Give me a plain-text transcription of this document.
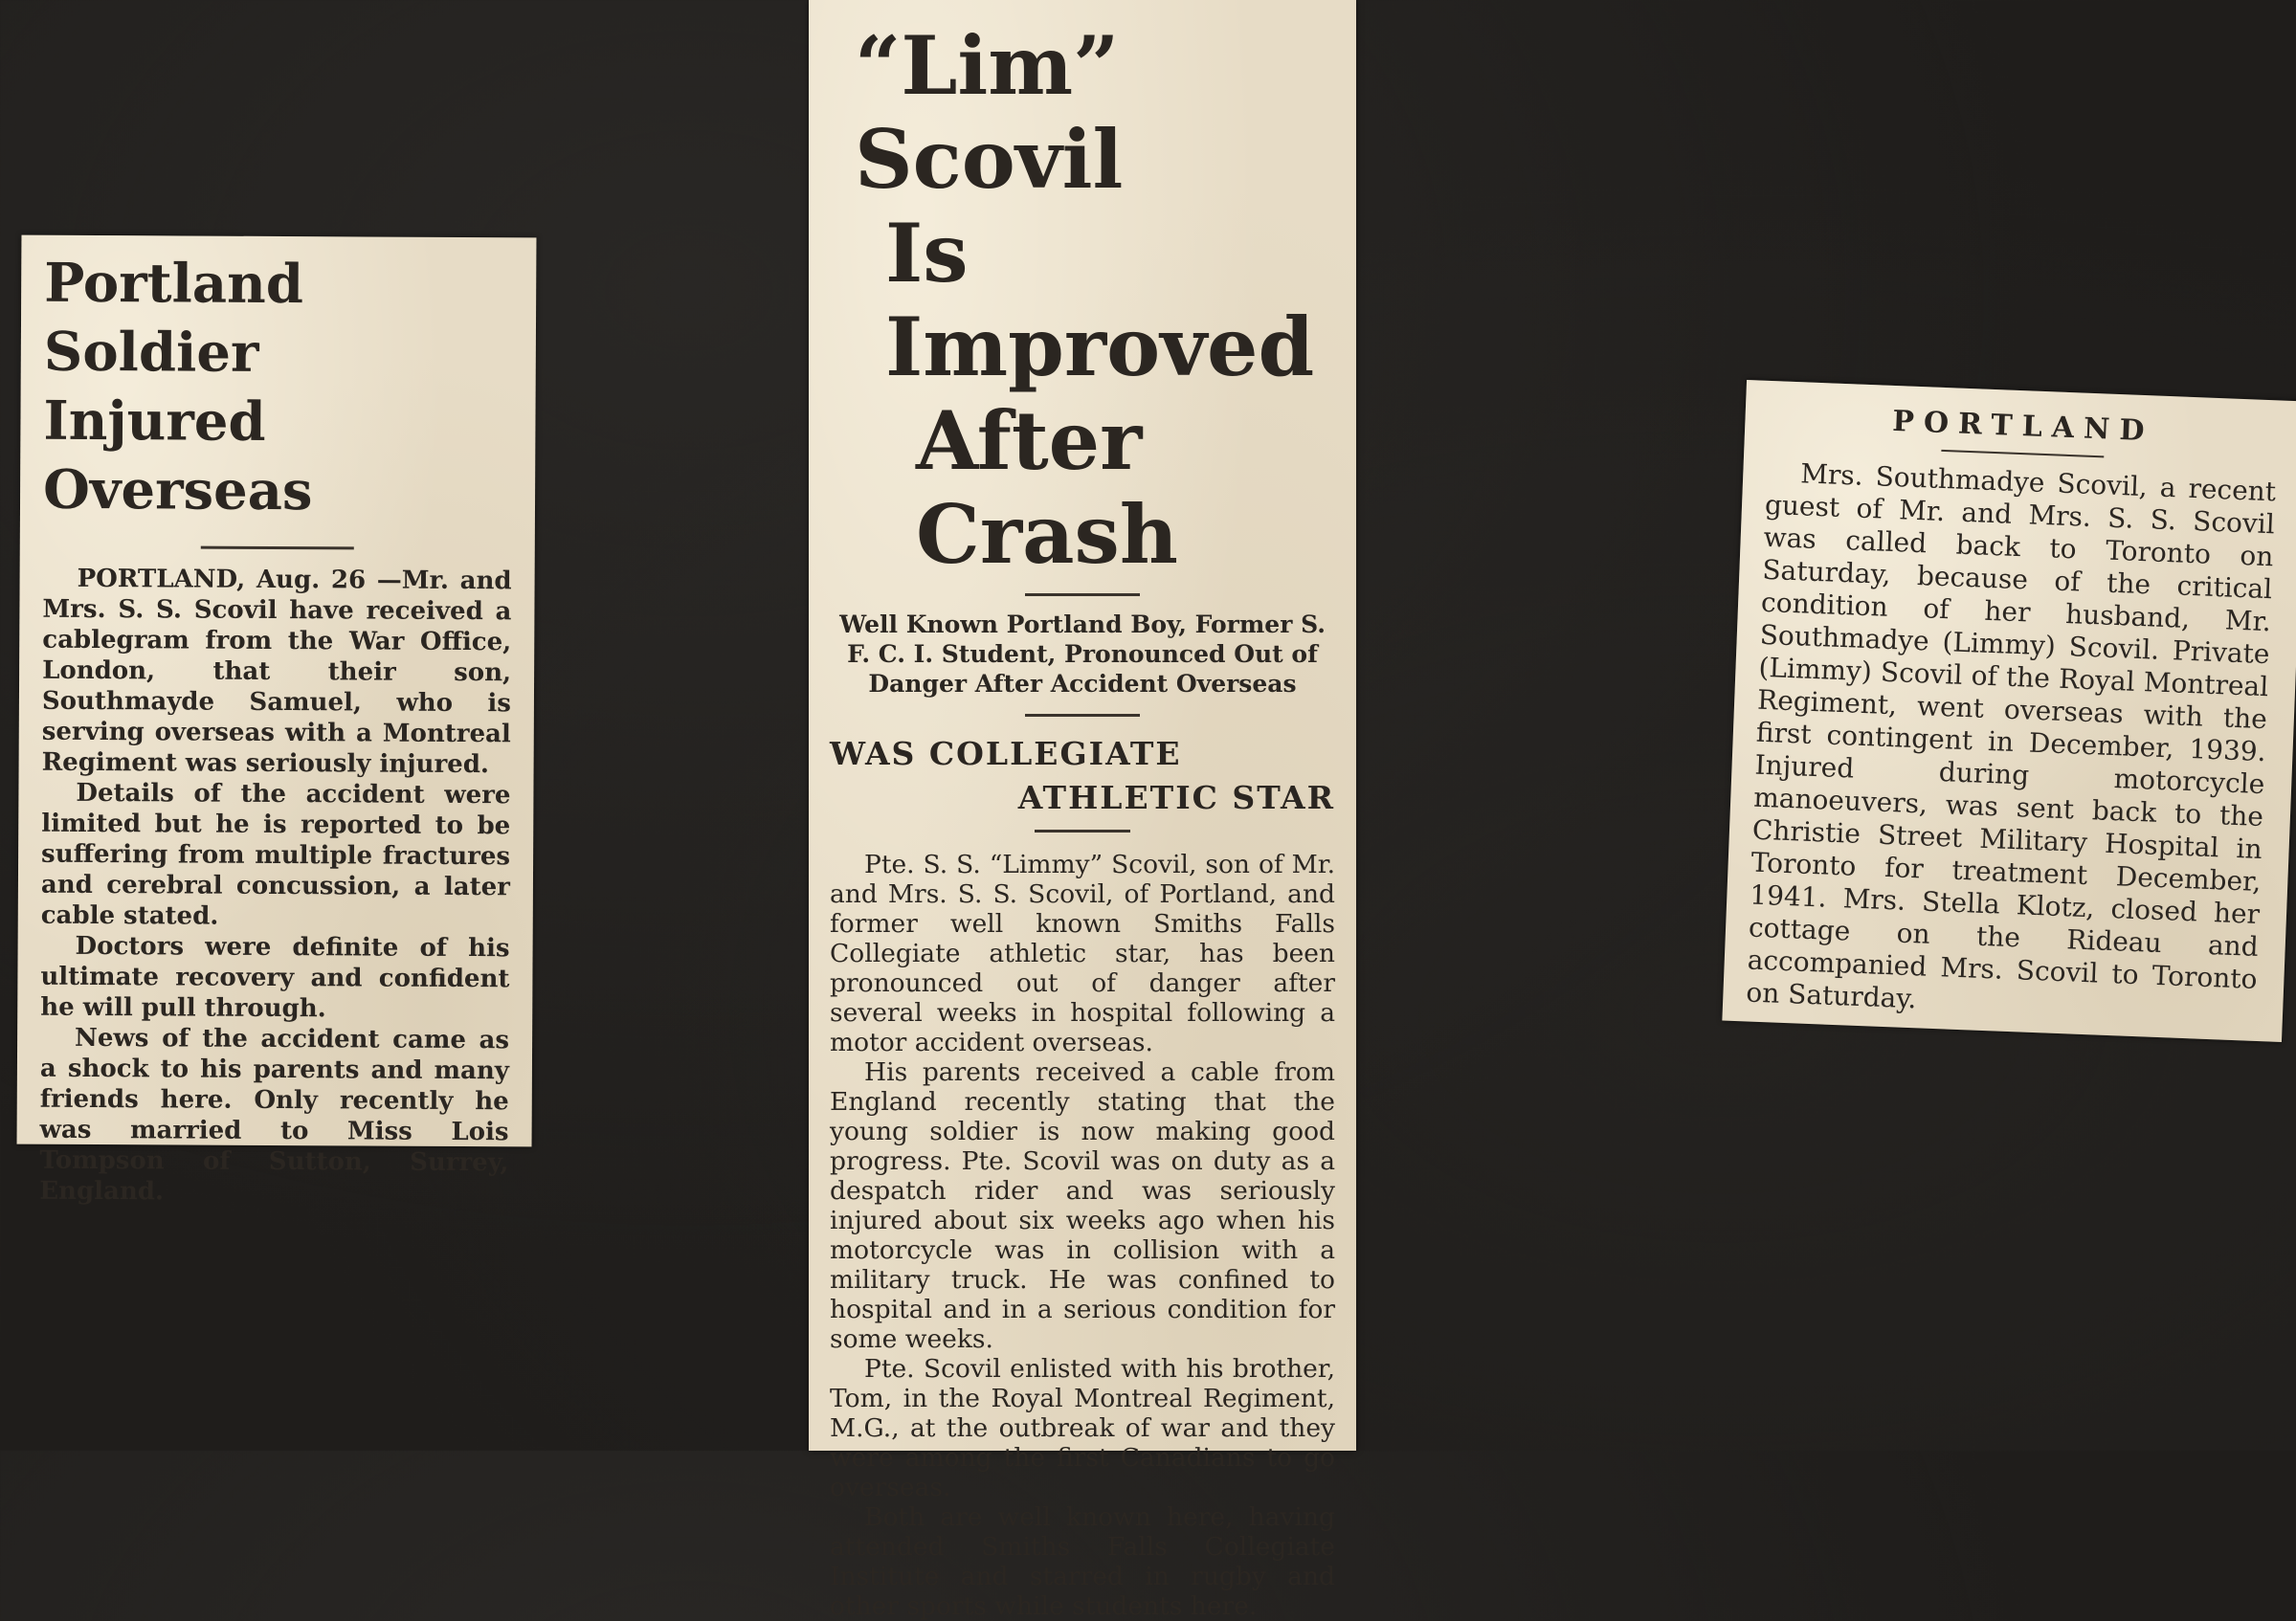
Portland Soldier
Injured Overseas

PORTLAND, Aug. 26 —Mr. and Mrs. S. S. Scovil have received a cablegram from the War Office, London, that their son, Southmayde Samuel, who is serving overseas with a Montreal Regiment was seriously injured.

Details of the accident were limited but he is reported to be suffering from multiple fractures and cerebral concussion, a later cable stated.

Doctors were definite of his ultimate recovery and confident he will pull through.

News of the accident came as a shock to his parents and many friends here. Only recently he was married to Miss Lois Tompson of Sutton, Surrey, England.

“Lim” Scovil
Is Improved
After Crash

Well Known Portland Boy, Former S. F. C. I. Student, Pronounced Out of Danger After Accident Overseas

WAS COLLEGIATE
ATHLETIC STAR

Pte. S. S. “Limmy” Scovil, son of Mr. and Mrs. S. S. Scovil, of Portland, and former well known Smiths Falls Collegiate athletic star, has been pronounced out of danger after several weeks in hospital following a motor accident overseas.

His parents received a cable from England recently stating that the young soldier is now making good progress. Pte. Scovil was on duty as a despatch rider and was seriously injured about six weeks ago when his motorcycle was in collision with a military truck. He was confined to hospital and in a serious condition for some weeks.

Pte. Scovil enlisted with his brother, Tom, in the Royal Montreal Regiment, M.G., at the outbreak of war and they were among the first Canadians to go overseas.

Both are well known here, having attended Smiths Falls Collegiate Institute and starred in rugby and other sports while students here.

PORTLAND

Mrs. Southmadye Scovil, a recent guest of Mr. and Mrs. S. S. Scovil was called back to Toronto on Saturday, because of the critical condition of her husband, Mr. Southmadye (Limmy) Scovil. Private (Limmy) Scovil of the Royal Montreal Regiment, went overseas with the first contingent in December, 1939. Injured during motorcycle manoeuvers, was sent back to the Christie Street Military Hospital in Toronto for treatment December, 1941. Mrs. Stella Klotz, closed her cottage on the Rideau and accompanied Mrs. Scovil to Toronto on Saturday.
